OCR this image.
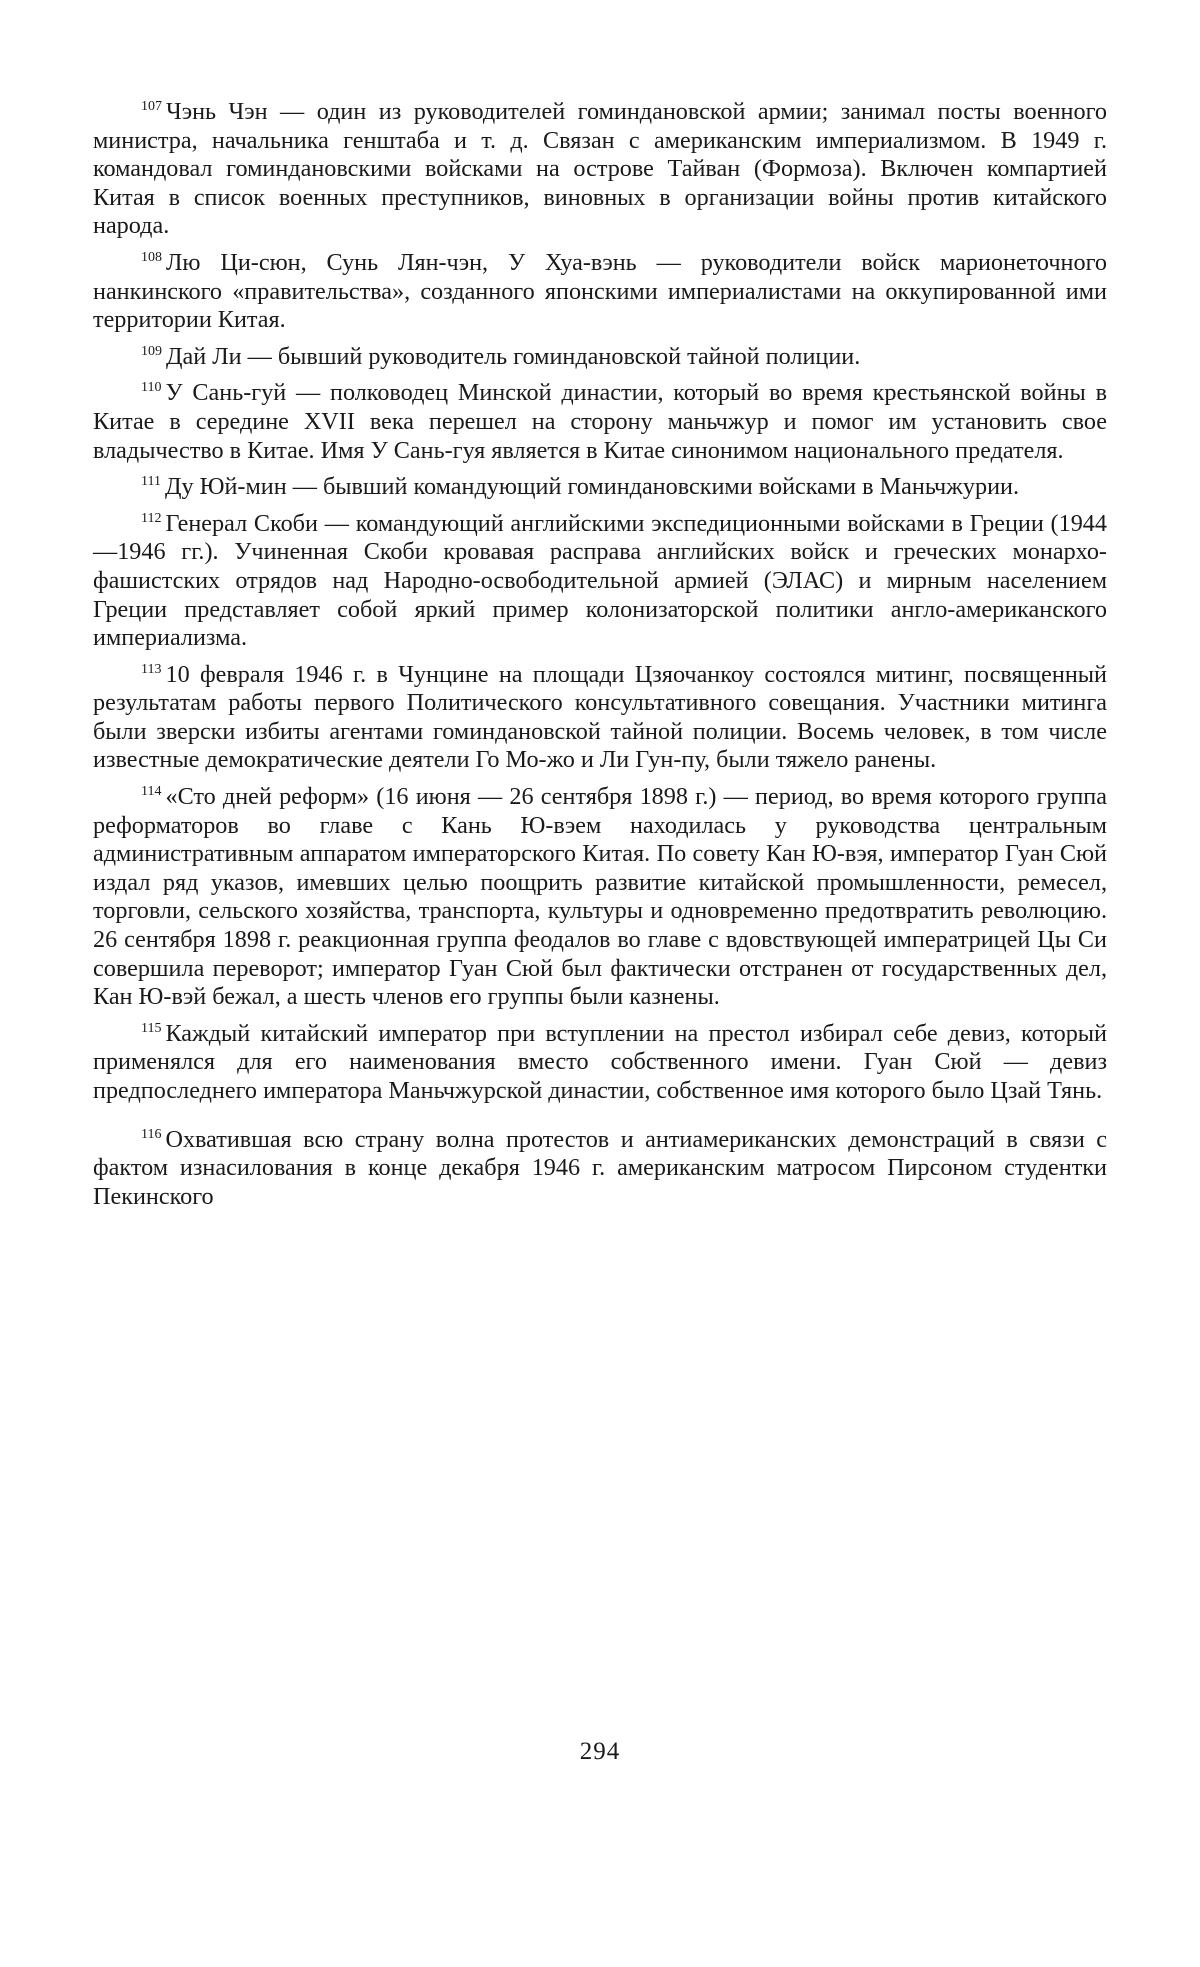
$^{107}$ Чэнь Чэн — один из руководителей гоминдановской армии; занимал посты военного министра, начальника генштаба и т. д. Связан с американским империализмом. В 1949 г. командовал гоминдановскими войсками на острове Тайван (Формоза). Включен компартией Китая в список военных преступников, виновных в организации войны против китайского народа.

$^{108}$ Лю Ци-сюн, Сунь Лян-чэн, У Хуа-вэнь — руководители войск марионеточного нанкинского «правительства», созданного японскими империалистами на оккупированной ими территории Китая.

$^{109}$ Дай Ли — бывший руководитель гоминдановской тайной полиции.

$^{110}$ У Сань-гуй — полководец Минской династии, который во время крестьянской войны в Китае в середине XVII века перешел на сторону маньчжур и помог им установить свое владычество в Китае. Имя У Сань-гуя является в Китае синонимом национального предателя.

$^{111}$ Ду Юй-мин — бывший командующий гоминдановскими войсками в Маньчжурии.

$^{112}$ Генерал Скоби — командующий английскими экспедиционными войсками в Греции (1944—1946 гг.). Учиненная Скоби кровавая расправа английских войск и греческих монархо-фашистских отрядов над Народно-освободительной армией (ЭЛАС) и мирным населением Греции представляет собой яркий пример колонизаторской политики англо-американского империализма.

$^{113}$ 10 февраля 1946 г. в Чунцине на площади Цзяочанкоу состоялся митинг, посвященный результатам работы первого Политического консультативного совещания. Участники митинга были зверски избиты агентами гоминдановской тайной полиции. Восемь человек, в том числе известные демократические деятели Го Мо-жо и Ли Гун-пу, были тяжело ранены.

$^{114}$ «Сто дней реформ» (16 июня — 26 сентября 1898 г.) — период, во время которого группа реформаторов во главе с Кань Ю-вэем находилась у руководства центральным административным аппаратом императорского Китая. По совету Кан Ю-вэя, император Гуан Сюй издал ряд указов, имевших целью поощрить развитие китайской промышленности, ремесел, торговли, сельского хозяйства, транспорта, культуры и одновременно предотвратить революцию. 26 сентября 1898 г. реакционная группа феодалов во главе с вдовствующей императрицей Цы Си совершила переворот; император Гуан Сюй был фактически отстранен от государственных дел, Кан Ю-вэй бежал, а шесть членов его группы были казнены.

$^{115}$ Каждый китайский император при вступлении на престол избирал себе девиз, который применялся для его наименования вместо собственного имени. Гуан Сюй — девиз предпоследнего императора Маньчжурской династии, собственное имя которого было Цзай Тянь.

$^{116}$ Охватившая всю страну волна протестов и антиамериканских демонстраций в связи с фактом изнасилования в конце декабря 1946 г. американским матросом Пирсоном студентки Пекинского

294
